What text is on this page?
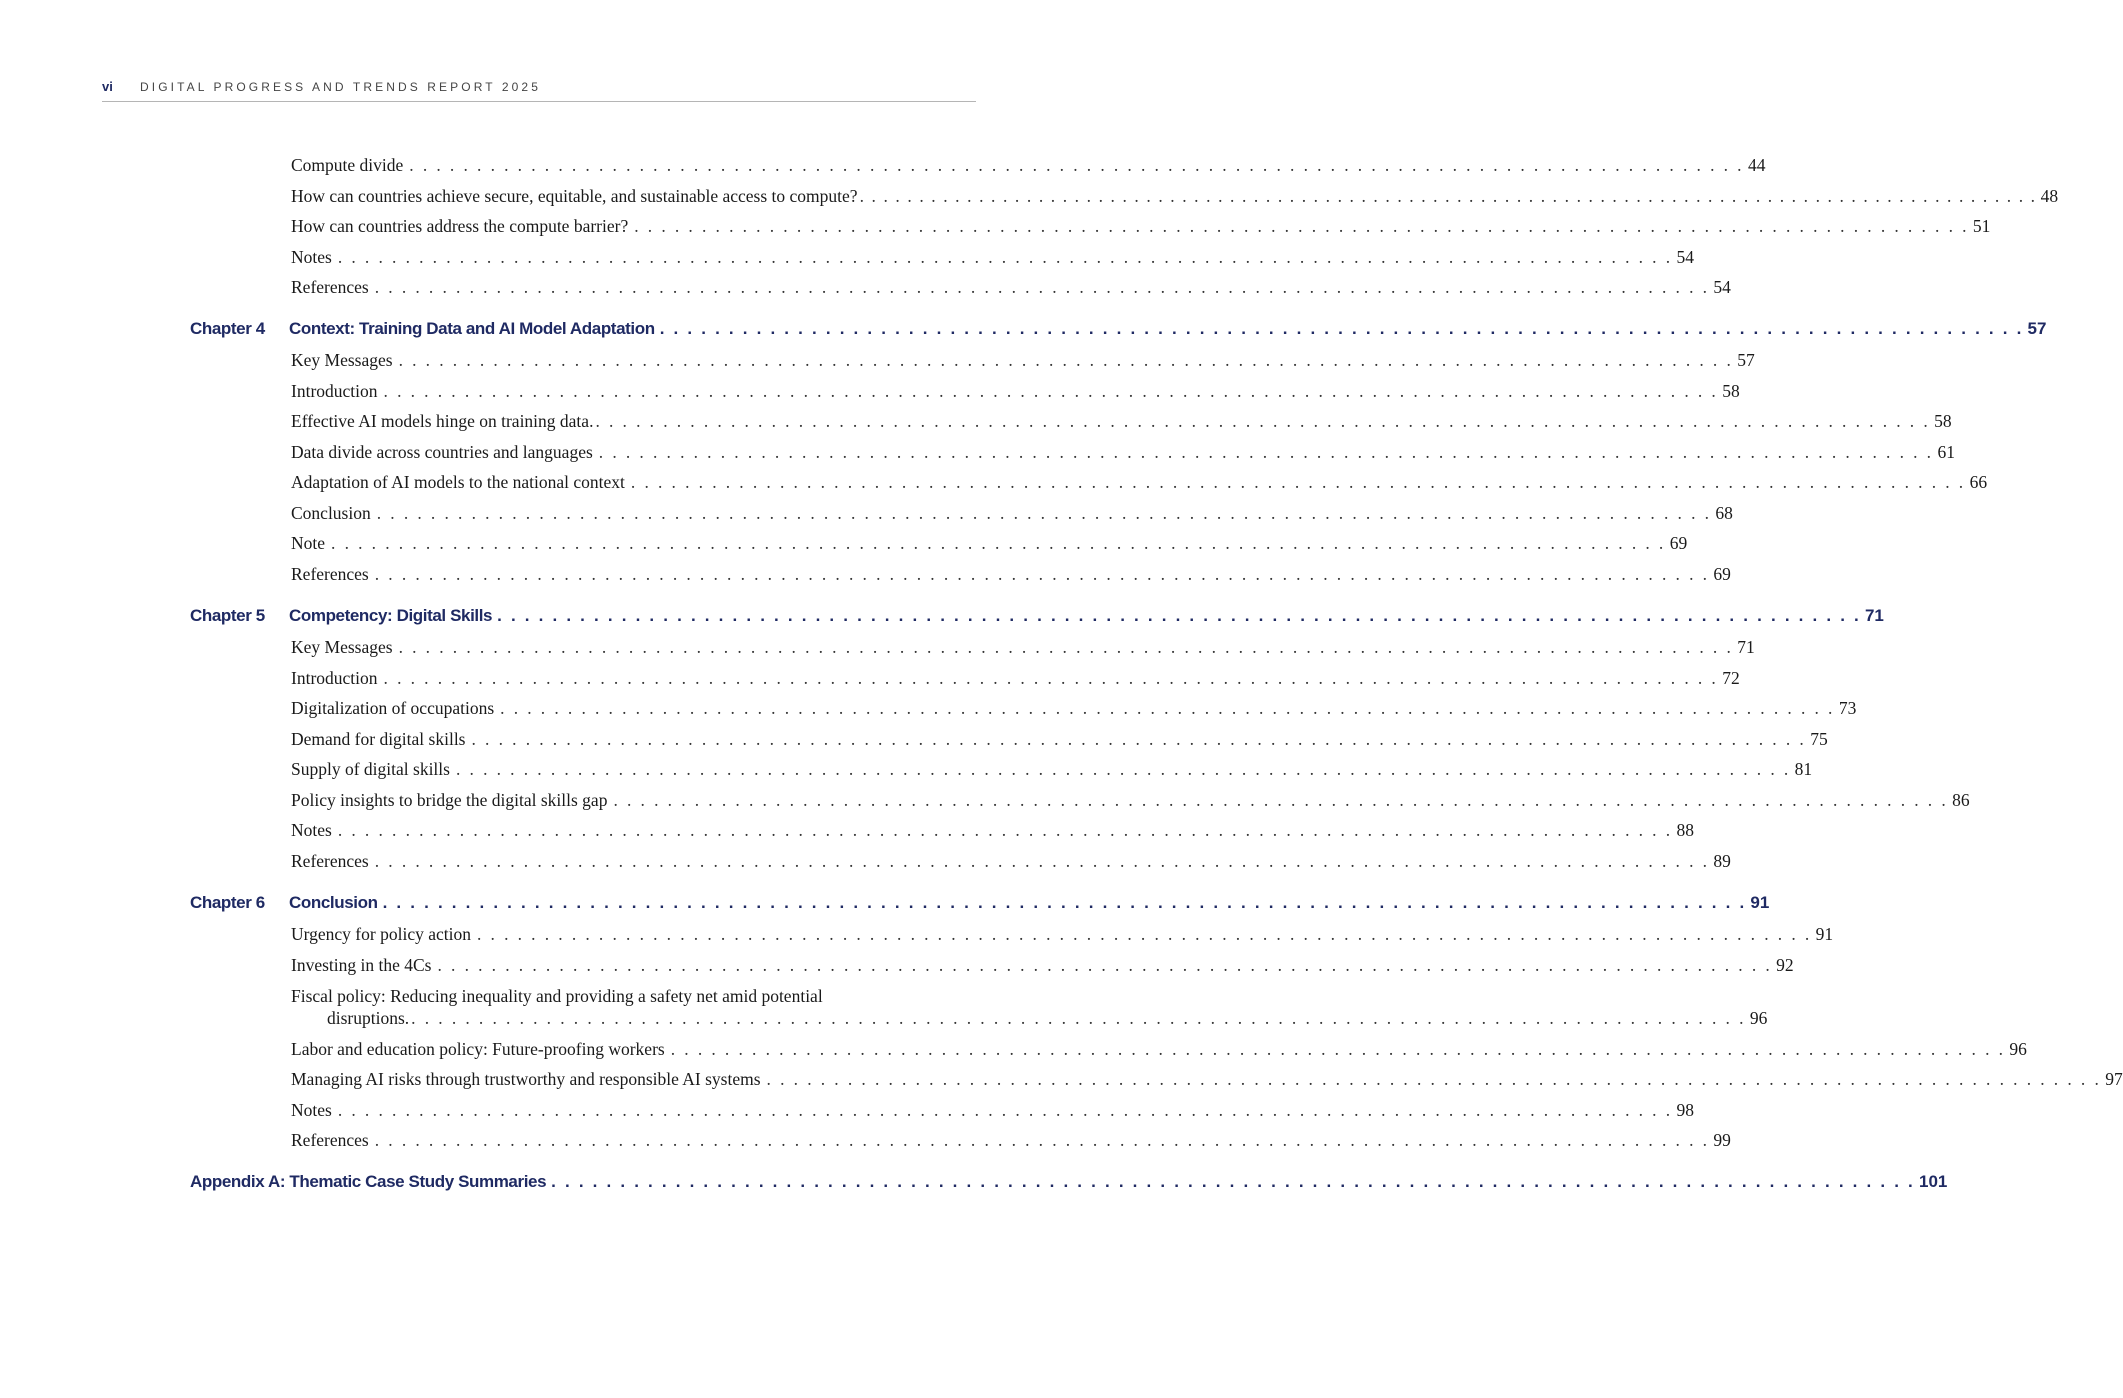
vi DIGITAL PROGRESS AND TRENDS REPORT 2025
Compute divide . . . . . . . . . . . . . . . . . . . . . . . . . . . . . . . . . . . . . . . . . . . . . . . . . . . . . . . . . . . . . . . . . . . . . . . . . . . . . . . . . . . . . . . . . . . . . . . . . . . 44
How can countries achieve secure, equitable, and sustainable access to compute? . . . . . . . . . . . . . . . . . . . . . . . . . . . . . . . . . . . . . . . . . . . . . . . . . . . . . . . . . . . . . . . . . . . . . . . . . . . . . . . . . . . . . . . . . . . . . . . . . . . 48
How can countries address the compute barrier? . . . . . . . . . . . . . . . . . . . . . . . . . . . . . . . . . . . . . . . . . . . . . . . . . . . . . . . . . . . . . . . . . . . . . . . . . . . . . . . . . . . . . . . . . . . . . . . . . . . 51
Notes . . . . . . . . . . . . . . . . . . . . . . . . . . . . . . . . . . . . . . . . . . . . . . . . . . . . . . . . . . . . . . . . . . . . . . . . . . . . . . . . . . . . . . . . . . . . . . . . . . . 54
References . . . . . . . . . . . . . . . . . . . . . . . . . . . . . . . . . . . . . . . . . . . . . . . . . . . . . . . . . . . . . . . . . . . . . . . . . . . . . . . . . . . . . . . . . . . . . . . . . . . 54
Chapter 4	Context: Training Data and AI Model Adaptation . . . . . . . . . . . . . . . . . . . . . . . . . . . . . . . . . . . . . . . . . . . . . . . . . . . . . . . . . . . . . . . . . . . . . . . . . . . . . . . . . . . . . . . . . . . . . . . . . . . 57
Key Messages . . . . . . . . . . . . . . . . . . . . . . . . . . . . . . . . . . . . . . . . . . . . . . . . . . . . . . . . . . . . . . . . . . . . . . . . . . . . . . . . . . . . . . . . . . . . . . . . . . . 57
Introduction . . . . . . . . . . . . . . . . . . . . . . . . . . . . . . . . . . . . . . . . . . . . . . . . . . . . . . . . . . . . . . . . . . . . . . . . . . . . . . . . . . . . . . . . . . . . . . . . . . . 58
Effective AI models hinge on training data. . . . . . . . . . . . . . . . . . . . . . . . . . . . . . . . . . . . . . . . . . . . . . . . . . . . . . . . . . . . . . . . . . . . . . . . . . . . . . . . . . . . . . . . . . . . . . . . . . . . 58
Data divide across countries and languages . . . . . . . . . . . . . . . . . . . . . . . . . . . . . . . . . . . . . . . . . . . . . . . . . . . . . . . . . . . . . . . . . . . . . . . . . . . . . . . . . . . . . . . . . . . . . . . . . . . 61
Adaptation of AI models to the national context . . . . . . . . . . . . . . . . . . . . . . . . . . . . . . . . . . . . . . . . . . . . . . . . . . . . . . . . . . . . . . . . . . . . . . . . . . . . . . . . . . . . . . . . . . . . . . . . . . . 66
Conclusion . . . . . . . . . . . . . . . . . . . . . . . . . . . . . . . . . . . . . . . . . . . . . . . . . . . . . . . . . . . . . . . . . . . . . . . . . . . . . . . . . . . . . . . . . . . . . . . . . . . 68
Note . . . . . . . . . . . . . . . . . . . . . . . . . . . . . . . . . . . . . . . . . . . . . . . . . . . . . . . . . . . . . . . . . . . . . . . . . . . . . . . . . . . . . . . . . . . . . . . . . . . 69
References . . . . . . . . . . . . . . . . . . . . . . . . . . . . . . . . . . . . . . . . . . . . . . . . . . . . . . . . . . . . . . . . . . . . . . . . . . . . . . . . . . . . . . . . . . . . . . . . . . . 69
Chapter 5	Competency: Digital Skills . . . . . . . . . . . . . . . . . . . . . . . . . . . . . . . . . . . . . . . . . . . . . . . . . . . . . . . . . . . . . . . . . . . . . . . . . . . . . . . . . . . . . . . . . . . . . . . . . . . 71
Key Messages . . . . . . . . . . . . . . . . . . . . . . . . . . . . . . . . . . . . . . . . . . . . . . . . . . . . . . . . . . . . . . . . . . . . . . . . . . . . . . . . . . . . . . . . . . . . . . . . . . . 71
Introduction . . . . . . . . . . . . . . . . . . . . . . . . . . . . . . . . . . . . . . . . . . . . . . . . . . . . . . . . . . . . . . . . . . . . . . . . . . . . . . . . . . . . . . . . . . . . . . . . . . . 72
Digitalization of occupations . . . . . . . . . . . . . . . . . . . . . . . . . . . . . . . . . . . . . . . . . . . . . . . . . . . . . . . . . . . . . . . . . . . . . . . . . . . . . . . . . . . . . . . . . . . . . . . . . . . 73
Demand for digital skills . . . . . . . . . . . . . . . . . . . . . . . . . . . . . . . . . . . . . . . . . . . . . . . . . . . . . . . . . . . . . . . . . . . . . . . . . . . . . . . . . . . . . . . . . . . . . . . . . . . 75
Supply of digital skills . . . . . . . . . . . . . . . . . . . . . . . . . . . . . . . . . . . . . . . . . . . . . . . . . . . . . . . . . . . . . . . . . . . . . . . . . . . . . . . . . . . . . . . . . . . . . . . . . . . 81
Policy insights to bridge the digital skills gap . . . . . . . . . . . . . . . . . . . . . . . . . . . . . . . . . . . . . . . . . . . . . . . . . . . . . . . . . . . . . . . . . . . . . . . . . . . . . . . . . . . . . . . . . . . . . . . . . . . 86
Notes . . . . . . . . . . . . . . . . . . . . . . . . . . . . . . . . . . . . . . . . . . . . . . . . . . . . . . . . . . . . . . . . . . . . . . . . . . . . . . . . . . . . . . . . . . . . . . . . . . . 88
References . . . . . . . . . . . . . . . . . . . . . . . . . . . . . . . . . . . . . . . . . . . . . . . . . . . . . . . . . . . . . . . . . . . . . . . . . . . . . . . . . . . . . . . . . . . . . . . . . . . 89
Chapter 6	Conclusion . . . . . . . . . . . . . . . . . . . . . . . . . . . . . . . . . . . . . . . . . . . . . . . . . . . . . . . . . . . . . . . . . . . . . . . . . . . . . . . . . . . . . . . . . . . . . . . . . . . 91
Urgency for policy action . . . . . . . . . . . . . . . . . . . . . . . . . . . . . . . . . . . . . . . . . . . . . . . . . . . . . . . . . . . . . . . . . . . . . . . . . . . . . . . . . . . . . . . . . . . . . . . . . . . 91
Investing in the 4Cs . . . . . . . . . . . . . . . . . . . . . . . . . . . . . . . . . . . . . . . . . . . . . . . . . . . . . . . . . . . . . . . . . . . . . . . . . . . . . . . . . . . . . . . . . . . . . . . . . . . 92
Fiscal policy: Reducing inequality and providing a safety net amid potential
disruptions. . . . . . . . . . . . . . . . . . . . . . . . . . . . . . . . . . . . . . . . . . . . . . . . . . . . . . . . . . . . . . . . . . . . . . . . . . . . . . . . . . . . . . . . . . . . . . . . . . . . 96
Labor and education policy: Future-proofing workers . . . . . . . . . . . . . . . . . . . . . . . . . . . . . . . . . . . . . . . . . . . . . . . . . . . . . . . . . . . . . . . . . . . . . . . . . . . . . . . . . . . . . . . . . . . . . . . . . . . 96
Managing AI risks through trustworthy and responsible AI systems . . . . . . . . . . . . . . . . . . . . . . . . . . . . . . . . . . . . . . . . . . . . . . . . . . . . . . . . . . . . . . . . . . . . . . . . . . . . . . . . . . . . . . . . . . . . . . . . . . . 97
Notes . . . . . . . . . . . . . . . . . . . . . . . . . . . . . . . . . . . . . . . . . . . . . . . . . . . . . . . . . . . . . . . . . . . . . . . . . . . . . . . . . . . . . . . . . . . . . . . . . . . 98
References . . . . . . . . . . . . . . . . . . . . . . . . . . . . . . . . . . . . . . . . . . . . . . . . . . . . . . . . . . . . . . . . . . . . . . . . . . . . . . . . . . . . . . . . . . . . . . . . . . . 99
Appendix A: Thematic Case Study Summaries . . . . . . . . . . . . . . . . . . . . . . . . . . . . . . . . . . . . . . . . . . . . . . . . . . . . . . . . . . . . . . . . . . . . . . . . . . . . . . . . . . . . . . . . . . . . . . . . . . . 101
